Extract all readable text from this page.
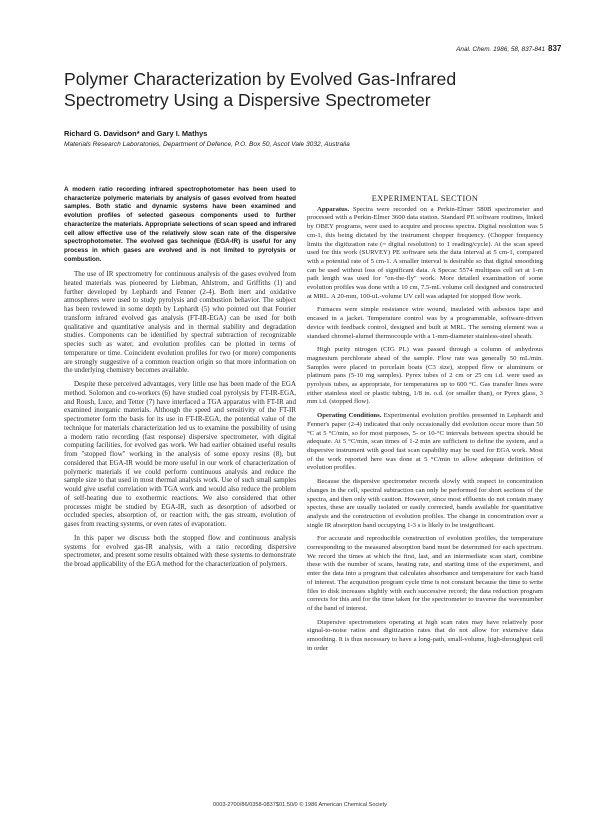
Anal. Chem. 1986, 58, 837-841 837
Polymer Characterization by Evolved Gas-Infrared
Spectrometry Using a Dispersive Spectrometer
Richard G. Davidson* and Gary I. Mathys
Materials Research Laboratories, Department of Defence, P.O. Box 50, Ascot Vale 3032, Australia
A modern ratio recording infrared spectrophotometer has been used to characterize polymeric materials by analysis of gases evolved from heated samples. Both static and dynamic systems have been examined and evolution profiles of selected gaseous components used to further characterize the materials. Appropriate selections of scan speed and infrared cell allow effective use of the relatively slow scan rate of the dispersive spectrophotometer. The evolved gas technique (EGA-IR) is useful for any process in which gases are evolved and is not limited to pyrolysis or combustion.

The use of IR spectrometry for continuous analysis of the gases evolved from heated materials was pioneered by Liebman, Ahlstrom, and Griffiths (1) and further developed by Lephardt and Fenner (2-4). Both inert and oxidative atmospheres were used to study pyrolysis and combustion behavior. The subject has been reviewed in some depth by Lephardt (5) who pointed out that Fourier transform infrared evolved gas analysis (FT-IR-EGA) can be used for both qualitative and quantitative analysis and in thermal stability and degradation studies. Components can be identified by spectral subtraction of recognizable species such as water, and evolution profiles can be plotted in terms of temperature or time. Coincident evolution profiles for two (or more) components are strongly suggestive of a common reaction origin so that more information on the underlying chemistry becomes available.

Despite these perceived advantages, very little use has been made of the EGA method. Solomon and co-workers (6) have studied coal pyrolysis by FT-IR-EGA, and Roush, Luce, and Tetter (7) have interfaced a TGA apparatus with FT-IR and examined inorganic materials. Although the speed and sensitivity of the FT-IR spectrometer form the basis for its use in FT-IR-EGA, the potential value of the technique for materials characterization led us to examine the possibility of using a modern ratio recording (fast response) dispersive spectrometer, with digital computing facilities, for evolved gas work. We had earlier obtained useful results from "stopped flow" working in the analysis of some epoxy resins (8), but considered that EGA-IR would be more useful in our work of characterization of polymeric materials if we could perform continuous analysis and reduce the sample size to that used in most thermal analysis work. Use of such small samples would give useful correlation with TGA work and would also reduce the problem of self-heating due to exothermic reactions. We also considered that other processes might be studied by EGA-IR, such as desorption of adsorbed or occluded species, absorption of, or reaction with, the gas stream, evolution of gases from reacting systems, or even rates of evaporation.

In this paper we discuss both the stopped flow and continuous analysis systems for evolved gas-IR analysis, with a ratio recording dispersive spectrometer, and present some results obtained with these systems to demonstrate the broad applicability of the EGA method for the characterization of polymers.

EXPERIMENTAL SECTION

Apparatus. Spectra were recorded on a Perkin-Elmer 580B spectrometer and processed with a Perkin-Elmer 3600 data station. Standard PE software routines, linked by OBEY programs, were used to acquire and process spectra. Digital resolution was 5 cm-1, this being dictated by the instrument chopper frequency. (Chopper frequency limits the digitization rate (= digital resolution) to 1 reading/cycle). At the scan speed used for this work (SURVEY) PE software sets the data interval at 5 cm-1, compared with a potential rate of 5 cm-1. A smaller interval is desirable so that digital smoothing can be used without loss of significant data. A Specac 5574 multipass cell set at 1-m path length was used for "on-the-fly" work. More detailed examination of some evolution profiles was done with a 10 cm, 7.5-mL volume cell designed and constructed at MRL. A 20-mm, 100-uL-volume UV cell was adapted for stopped flow work.

Furnaces were simple resistance wire wound, insulated with asbestos tape and encased in a jacket. Temperature control was by a programmable, software-driven device with feedback control, designed and built at MRL. The sensing element was a standard chromel-alumel thermocouple with a 1-mm-diameter stainless-steel sheath.

High purity nitrogen (CIG PL) was passed through a column of anhydrous magnesium perchlorate ahead of the sample. Flow rate was generally 50 mL/min. Samples were placed in porcelain boats (C3 size), stopped flow or aluminum or platinum pans (5-10 mg samples). Pyrex tubes of 2 cm or 25 cm i.d. were used as pyrolysis tubes, as appropriate, for temperatures up to 600 °C. Gas transfer lines were either stainless steel or plastic tubing, 1/8 in. o.d. (or smaller than), or Pyrex glass, 3 mm i.d. (stopped flow).

Operating Conditions. Experimental evolution profiles presented in Lephardt and Fenner's paper (2-4) indicated that only occasionally did evolution occur more than 50 °C at 5 °C/min, so for most purposes, 5- or 10-°C intervals between spectra should be adequate. At 5 °C/min, scan times of 1-2 min are sufficient to define the system, and a dispersive instrument with good fast scan capability may be used for EGA work. Most of the work reported here was done at 5 °C/min to allow adequate definition of evolution profiles.

Because the dispersive spectrometer records slowly with respect to concentration changes in the cell, spectral subtraction can only be performed for short sections of the spectra, and then only with caution. However, since most effluents do not contain many species, these are usually isolated or easily corrected, bands available for quantitative analysis and the construction of evolution profiles. The change in concentration over a single IR absorption band occupying 1-3 s is likely to be insignificant.

For accurate and reproducible construction of evolution profiles, the temperature corresponding to the measured absorption band must be determined for each spectrum. We record the times at which the first, last, and an intermediate scan start, combine these with the number of scans, heating rate, and starting time of the experiment, and enter the data into a program that calculates absorbance and temperature for each band of interest. The acquisition program cycle time is not constant because the time to write files to disk increases slightly with each successive record; the data reduction program corrects for this and for the time taken for the spectrometer to traverse the wavenumber of the band of interest.

Dispersive spectrometers operating at high scan rates may have relatively poor signal-to-noise ratios and digitization rates that do not allow for extensive data smoothing. It is thus necessary to have a long-path, small-volume, high-throughput cell in order

0003-2700/86/0358-0837$01.50/0 © 1986 American Chemical Society
